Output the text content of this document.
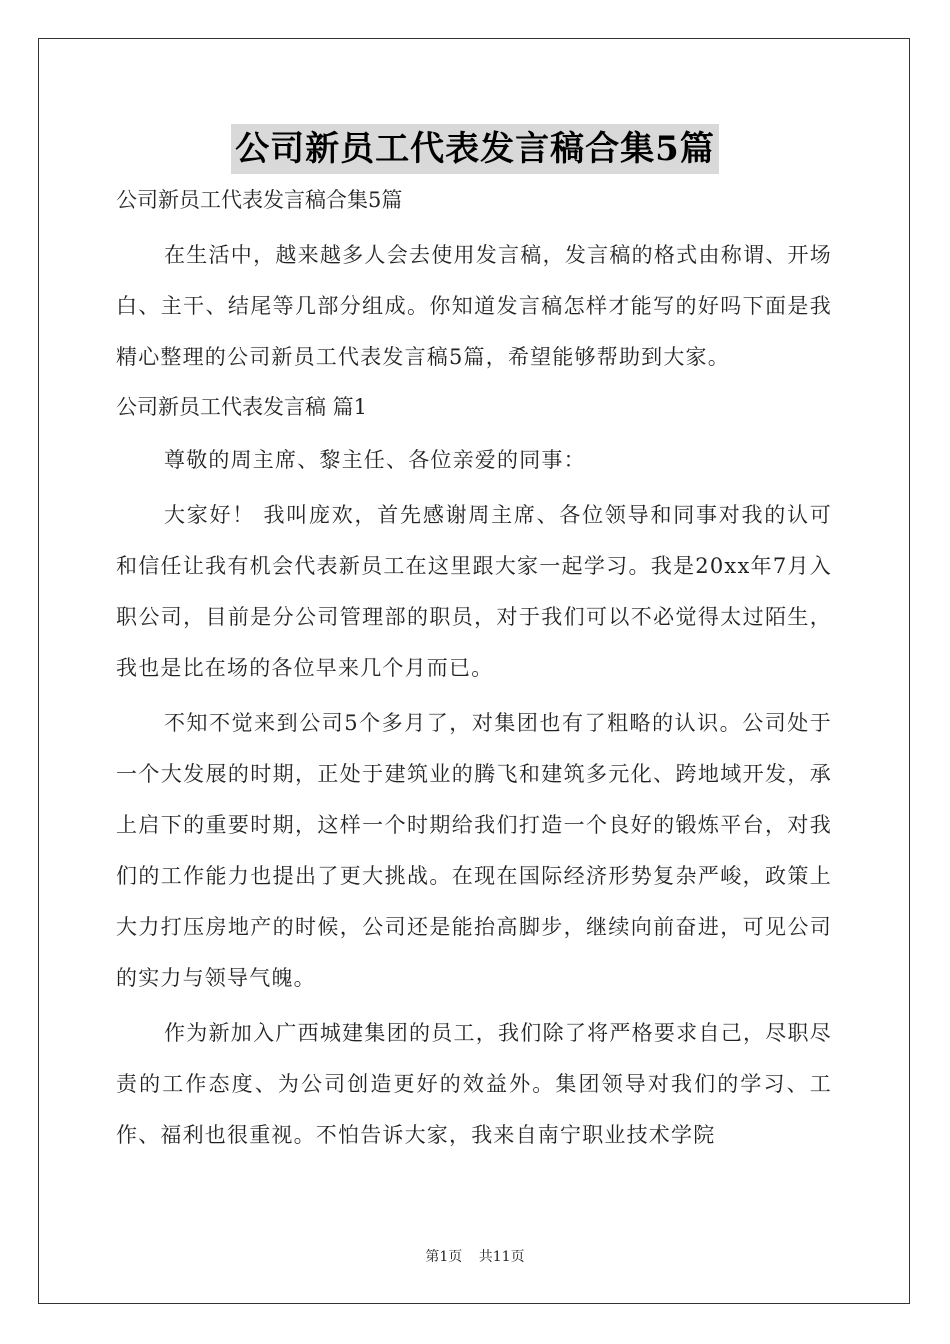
公司新员工代表发言稿合集5篇
公司新员工代表发言稿合集5篇

在生活中，越来越多人会去使用发言稿，发言稿的格式由称谓、开场白、主干、结尾等几部分组成。你知道发言稿怎样才能写的好吗下面是我精心整理的公司新员工代表发言稿5篇，希望能够帮助到大家。

公司新员工代表发言稿 篇1

尊敬的周主席、黎主任、各位亲爱的同事：

大家好！ 我叫庞欢，首先感谢周主席、各位领导和同事对我的认可和信任让我有机会代表新员工在这里跟大家一起学习。我是20xx年7月入职公司，目前是分公司管理部的职员，对于我们可以不必觉得太过陌生，我也是比在场的各位早来几个月而已。

不知不觉来到公司5个多月了，对集团也有了粗略的认识。公司处于一个大发展的时期，正处于建筑业的腾飞和建筑多元化、跨地域开发，承上启下的重要时期，这样一个时期给我们打造一个良好的锻炼平台，对我们的工作能力也提出了更大挑战。在现在国际经济形势复杂严峻，政策上大力打压房地产的时候，公司还是能抬高脚步，继续向前奋进，可见公司的实力与领导气魄。

作为新加入广西城建集团的员工，我们除了将严格要求自己，尽职尽责的工作态度、为公司创造更好的效益外。集团领导对我们的学习、工作、福利也很重视。不怕告诉大家，我来自南宁职业技术学院

第1页 共11页
